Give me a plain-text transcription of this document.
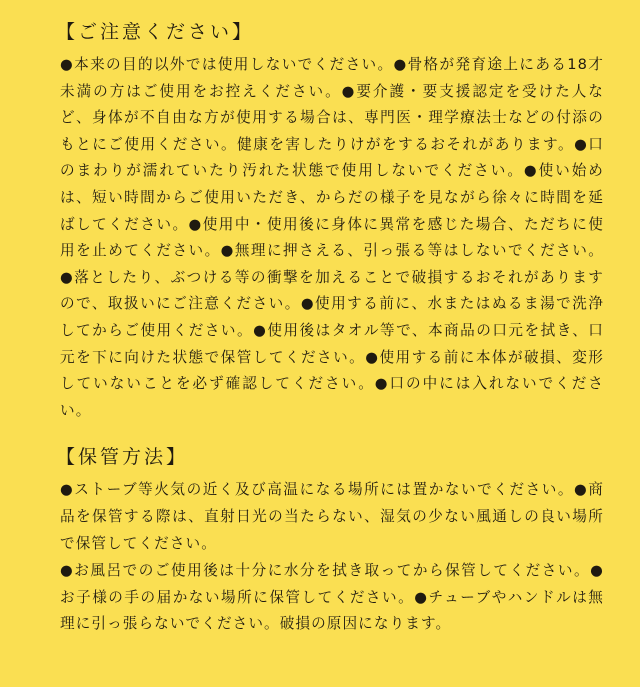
【ご注意ください】

●本来の目的以外では使用しないでください。●骨格が発育途上にある18才未満の方はご使用をお控えください。●要介護・要支援認定を受けた人など、身体が不自由な方が使用する場合は、専門医・理学療法士などの付添のもとにご使用ください。健康を害したりけがをするおそれがあります。●口のまわりが濡れていたり汚れた状態で使用しないでください。●使い始めは、短い時間からご使用いただき、からだの様子を見ながら徐々に時間を延ばしてください。●使用中・使用後に身体に異常を感じた場合、ただちに使用を止めてください。●無理に押さえる、引っ張る等はしないでください。●落としたり、ぶつける等の衝撃を加えることで破損するおそれがありますので、取扱いにご注意ください。●使用する前に、水またはぬるま湯で洗浄してからご使用ください。●使用後はタオル等で、本商品の口元を拭き、口元を下に向けた状態で保管してください。●使用する前に本体が破損、変形していないことを必ず確認してください。●口の中には入れないでください。

【保管方法】

●ストーブ等火気の近く及び高温になる場所には置かないでください。●商品を保管する際は、直射日光の当たらない、湿気の少ない風通しの良い場所で保管してください。
●お風呂でのご使用後は十分に水分を拭き取ってから保管してください。●お子様の手の届かない場所に保管してください。●チューブやハンドルは無理に引っ張らないでください。破損の原因になります。
